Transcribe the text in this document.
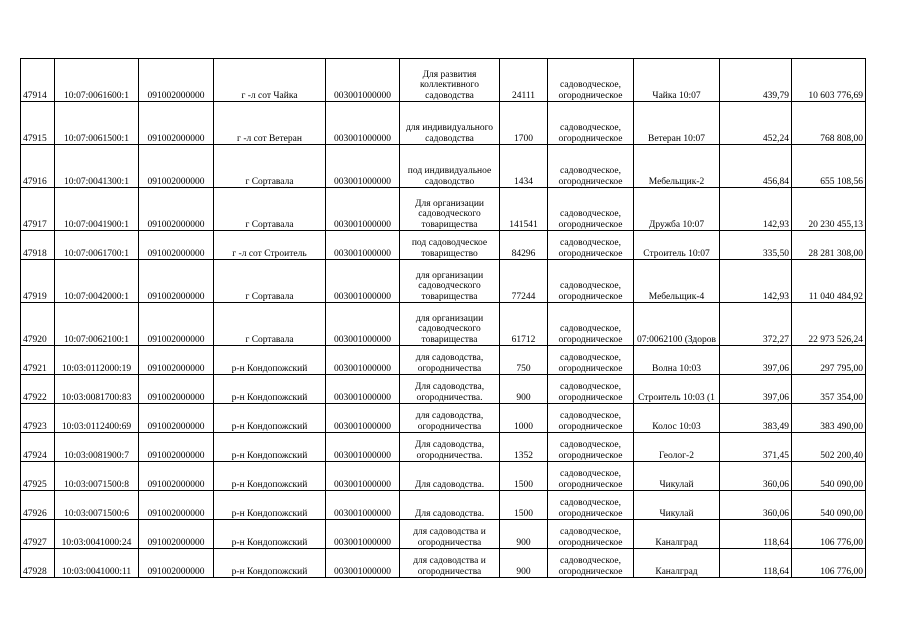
47914	10:07:0061600:1	091002000000	г -л сот Чайка	003001000000	Для развития коллективного садоводства	24111	садоводческое, огородническое	Чайка 10:07	439,79	10 603 776,69
47915	10:07:0061500:1	091002000000	г -л сот Ветеран	003001000000	для индивидуального садоводства	1700	садоводческое, огородническое	Ветеран 10:07	452,24	768 808,00
47916	10:07:0041300:1	091002000000	г Сортавала	003001000000	под индивидуальное садоводство	1434	садоводческое, огородническое	Мебельщик-2	456,84	655 108,56
47917	10:07:0041900:1	091002000000	г Сортавала	003001000000	Для организации садоводческого товарищества	141541	садоводческое, огородническое	Дружба 10:07	142,93	20 230 455,13
47918	10:07:0061700:1	091002000000	г -л сот Строитель	003001000000	под садоводческое товарищество	84296	садоводческое, огородническое	Строитель 10:07	335,50	28 281 308,00
47919	10:07:0042000:1	091002000000	г Сортавала	003001000000	для организации садоводческого товарищества	77244	садоводческое, огородническое	Мебельщик-4	142,93	11 040 484,92
47920	10:07:0062100:1	091002000000	г Сортавала	003001000000	для организации садоводческого товарищества	61712	садоводческое, огородническое	07:0062100 (Здоров	372,27	22 973 526,24
47921	10:03:0112000:19	091002000000	р-н Кондопожский	003001000000	для садоводства, огородничества	750	садоводческое, огородническое	Волна 10:03	397,06	297 795,00
47922	10:03:0081700:83	091002000000	р-н Кондопожский	003001000000	Для садоводства, огородничества.	900	садоводческое, огородническое	Строитель 10:03 (1	397,06	357 354,00
47923	10:03:0112400:69	091002000000	р-н Кондопожский	003001000000	для садоводства, огородничества	1000	садоводческое, огородническое	Колос 10:03	383,49	383 490,00
47924	10:03:0081900:7	091002000000	р-н Кондопожский	003001000000	Для садоводства, огородничества.	1352	садоводческое, огородническое	Геолог-2	371,45	502 200,40
47925	10:03:0071500:8	091002000000	р-н Кондопожский	003001000000	Для садоводства.	1500	садоводческое, огородническое	Чикулай	360,06	540 090,00
47926	10:03:0071500:6	091002000000	р-н Кондопожский	003001000000	Для садоводства.	1500	садоводческое, огородническое	Чикулай	360,06	540 090,00
47927	10:03:0041000:24	091002000000	р-н Кондопожский	003001000000	для садоводства и огородничества	900	садоводческое, огородническое	Каналград	118,64	106 776,00
47928	10:03:0041000:11	091002000000	р-н Кондопожский	003001000000	для садоводства и огородничества	900	садоводческое, огородническое	Каналград	118,64	106 776,00
